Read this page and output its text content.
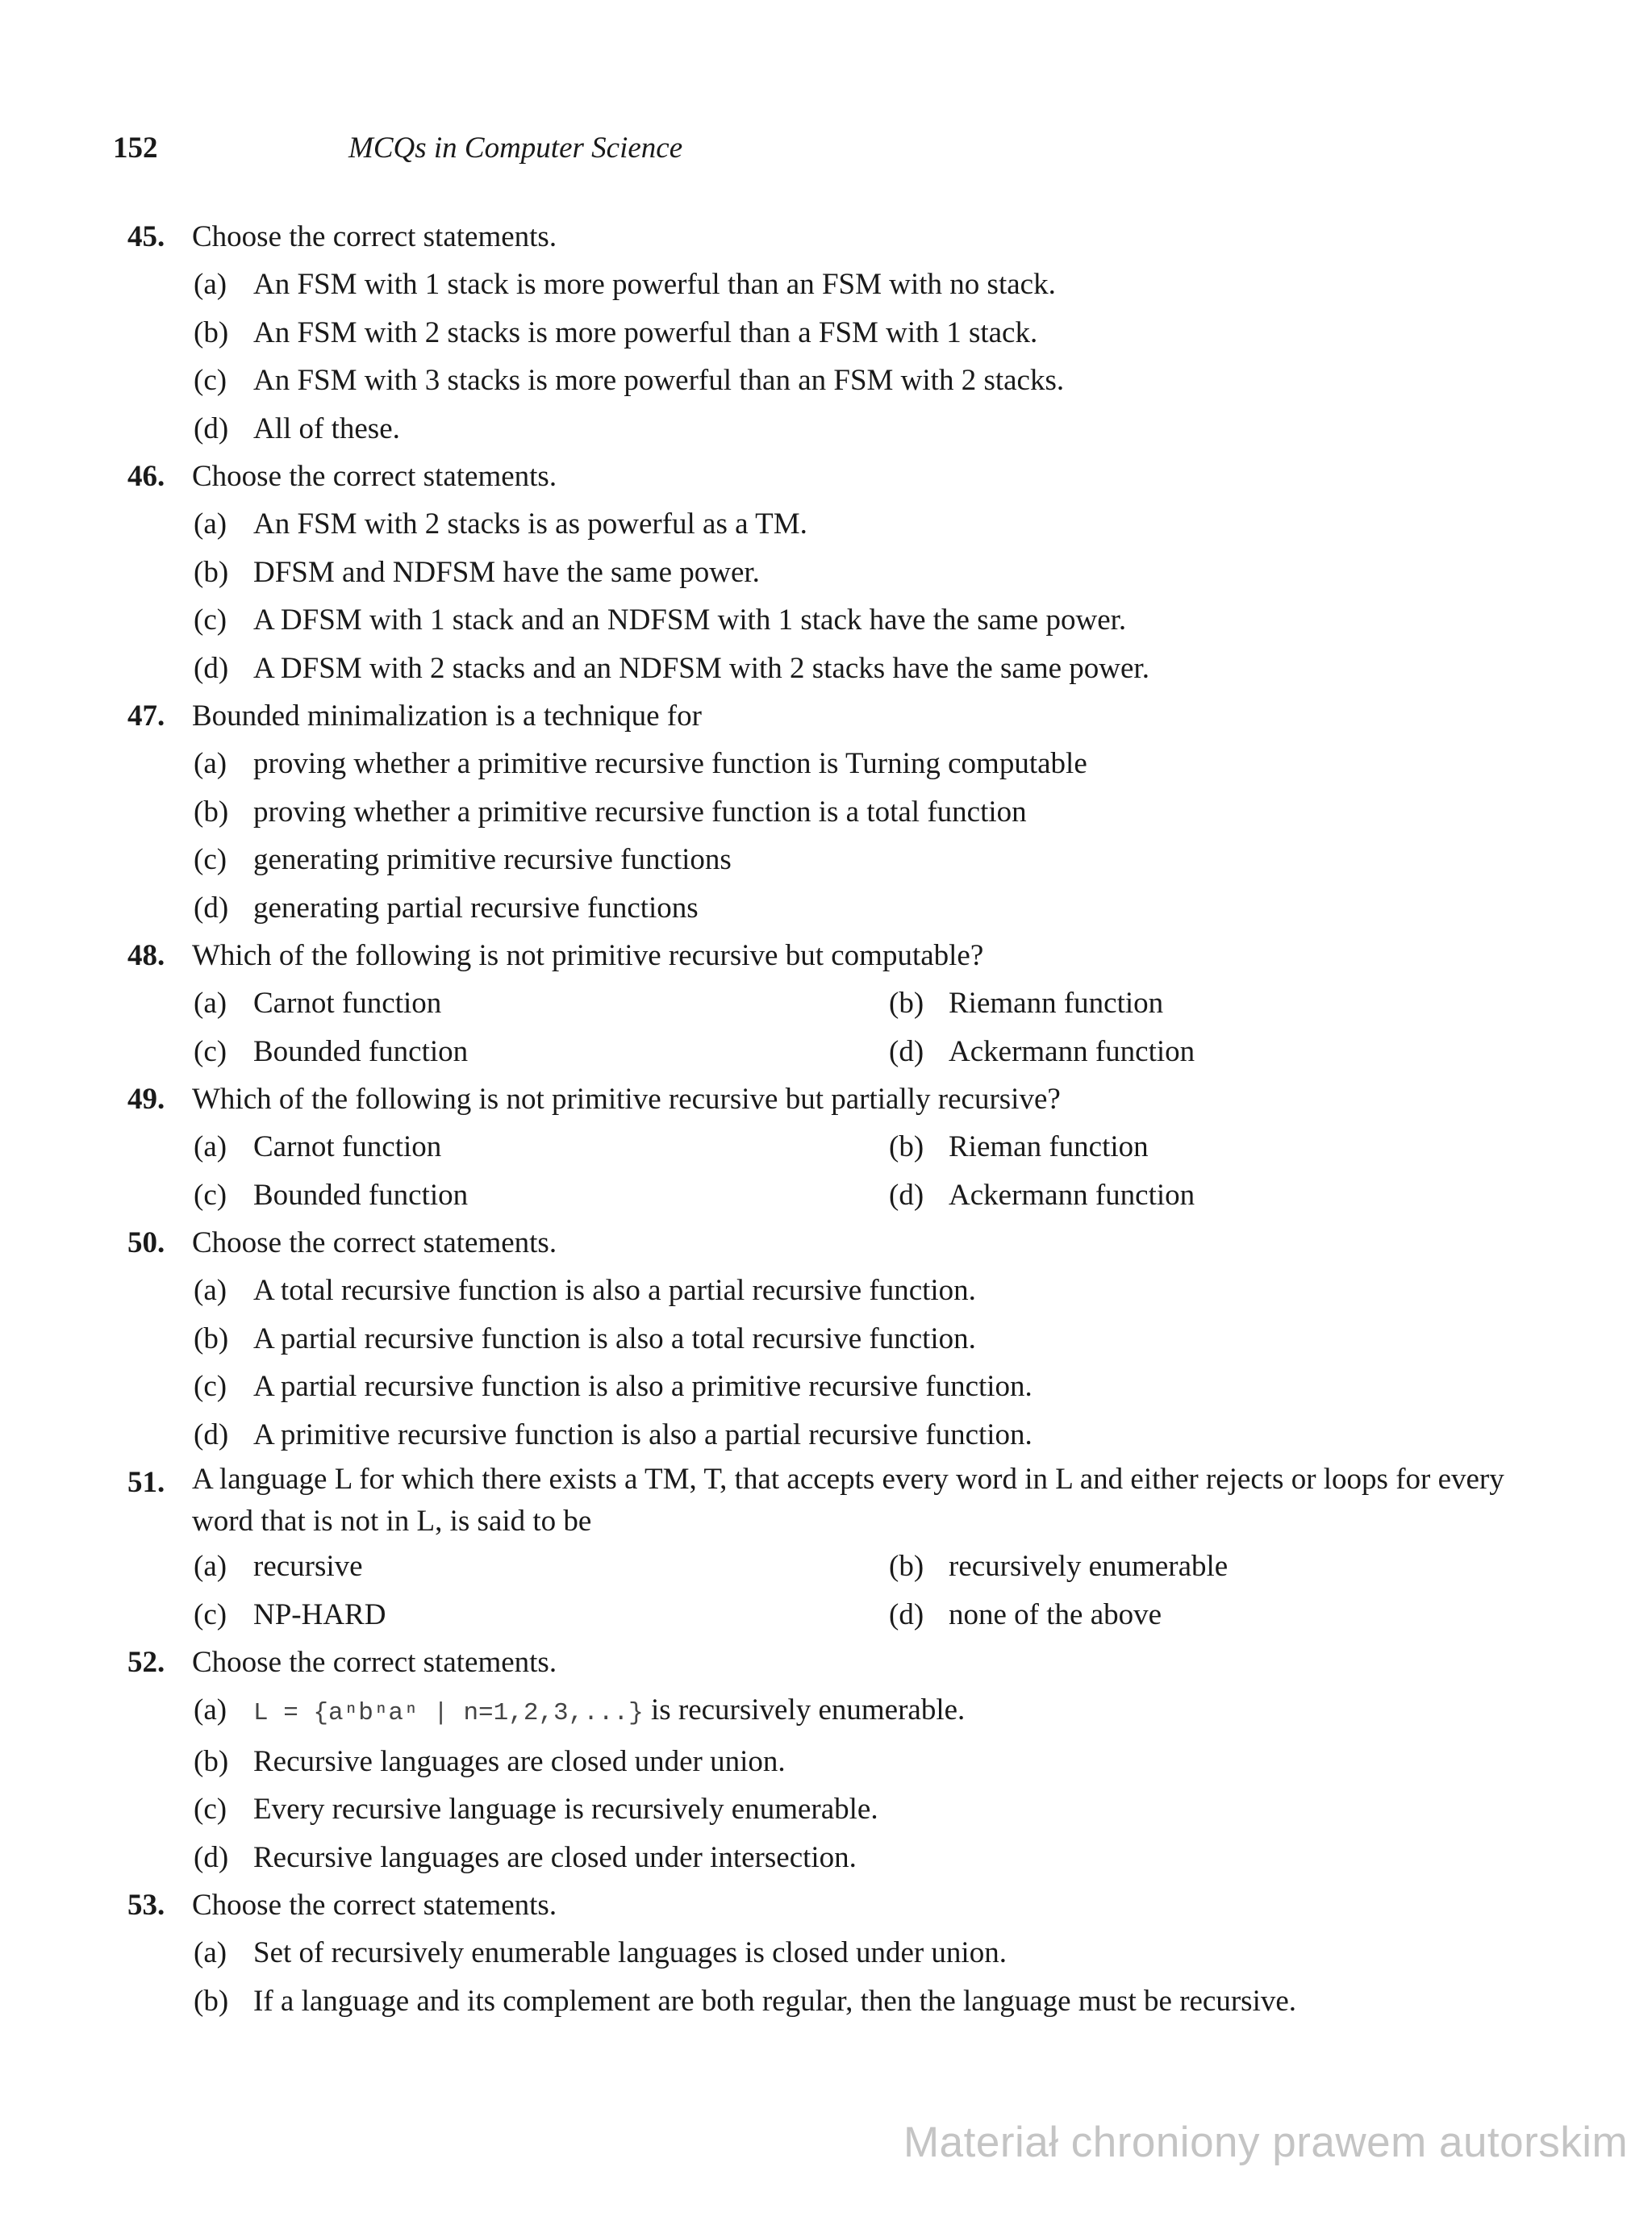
152	MCQs in Computer Science
45. Choose the correct statements.
(a) An FSM with 1 stack is more powerful than an FSM with no stack.
(b) An FSM with 2 stacks is more powerful than a FSM with 1 stack.
(c) An FSM with 3 stacks is more powerful than an FSM with 2 stacks.
(d) All of these.
46. Choose the correct statements.
(a) An FSM with 2 stacks is as powerful as a TM.
(b) DFSM and NDFSM have the same power.
(c) A DFSM with 1 stack and an NDFSM with 1 stack have the same power.
(d) A DFSM with 2 stacks and an NDFSM with 2 stacks have the same power.
47. Bounded minimalization is a technique for
(a) proving whether a primitive recursive function is Turning computable
(b) proving whether a primitive recursive function is a total function
(c) generating primitive recursive functions
(d) generating partial recursive functions
48. Which of the following is not primitive recursive but computable?
(a) Carnot function	(b) Riemann function
(c) Bounded function	(d) Ackermann function
49. Which of the following is not primitive recursive but partially recursive?
(a) Carnot function	(b) Rieman function
(c) Bounded function	(d) Ackermann function
50. Choose the correct statements.
(a) A total recursive function is also a partial recursive function.
(b) A partial recursive function is also a total recursive function.
(c) A partial recursive function is also a primitive recursive function.
(d) A primitive recursive function is also a partial recursive function.
51. A language L for which there exists a TM, T, that accepts every word in L and either rejects or loops for every word that is not in L, is said to be
(a) recursive	(b) recursively enumerable
(c) NP-HARD	(d) none of the above
52. Choose the correct statements.
(a) L = {aⁿbⁿaⁿ | n=1,2,3,...} is recursively enumerable.
(b) Recursive languages are closed under union.
(c) Every recursive language is recursively enumerable.
(d) Recursive languages are closed under intersection.
53. Choose the correct statements.
(a) Set of recursively enumerable languages is closed under union.
(b) If a language and its complement are both regular, then the language must be recursive.
Materiał chroniony prawem autorskim
